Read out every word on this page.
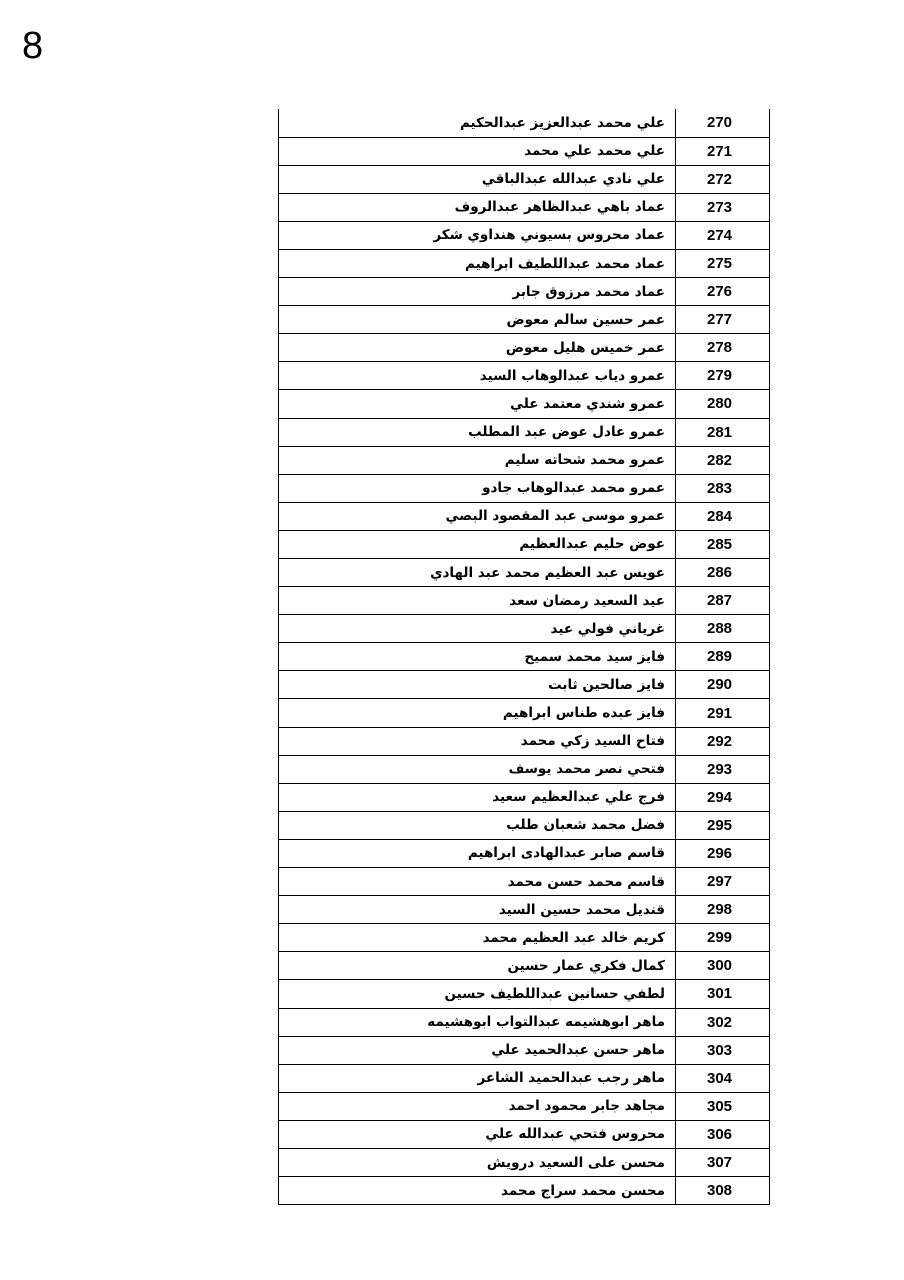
8
علي محمد عبدالعزيز عبدالحكيم	270
علي محمد علي محمد	271
علي نادي عبدالله عبدالباقي	272
عماد باهي عبدالظاهر عبدالروف	273
عماد محروس بسيوني هنداوي شكر	274
عماد محمد عبداللطيف ابراهيم	275
عماد محمد مرزوق جابر	276
عمر حسين سالم معوض	277
عمر خميس هليل معوض	278
عمرو دياب عبدالوهاب السيد	279
عمرو شندي معتمد علي	280
عمرو عادل عوض عبد المطلب	281
عمرو محمد شحاته سليم	282
عمرو محمد عبدالوهاب جادو	283
عمرو موسى عبد المقصود البصي	284
عوض حليم عبدالعظيم	285
عويس عبد العظيم محمد عبد الهادي	286
عيد السعيد رمضان سعد	287
غرياني فولي عيد	288
فايز سيد محمد سميح	289
فايز صالحين ثابت	290
فايز عبده طناس ابراهيم	291
فتاح السيد زكي محمد	292
فتحي نصر محمد يوسف	293
فرج علي عبدالعظيم سعيد	294
فضل محمد شعبان طلب	295
قاسم صابر عبدالهادى ابراهيم	296
قاسم محمد حسن محمد	297
قنديل محمد حسين السيد	298
كريم خالد عبد العظيم محمد	299
كمال فكري عمار حسين	300
لطفي حسانين عبداللطيف حسين	301
ماهر ابوهشيمه عبدالتواب ابوهشيمه	302
ماهر حسن عبدالحميد علي	303
ماهر رجب عبدالحميد الشاعر	304
مجاهد جابر محمود احمد	305
محروس فتحي عبدالله علي	306
محسن على السعيد درويش	307
محسن محمد سراج محمد	308
